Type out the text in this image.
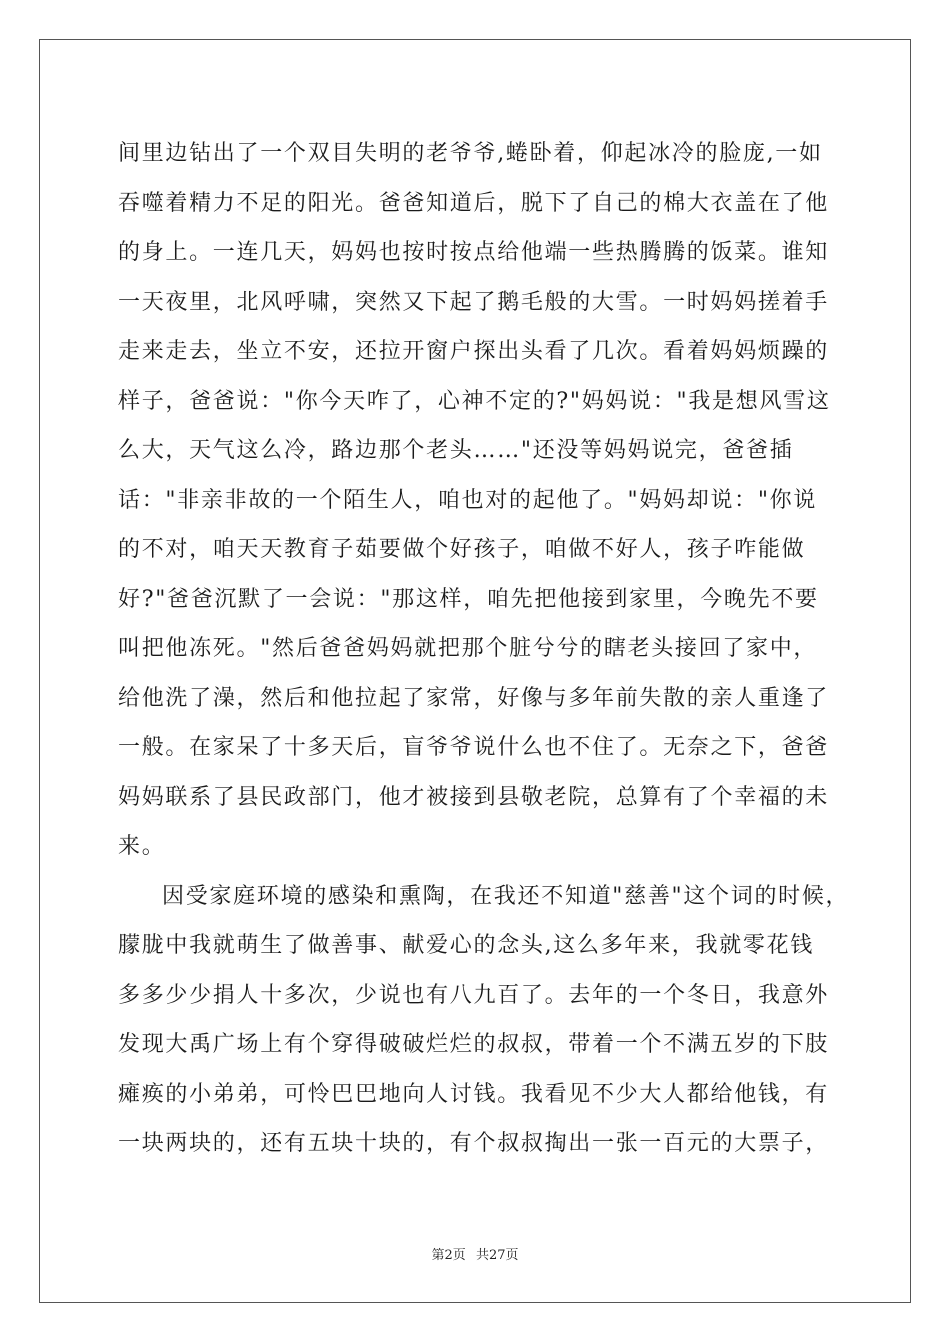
间里边钻出了一个双目失明的老爷爷,蜷卧着，仰起冰冷的脸庞,一如
吞噬着精力不足的阳光。爸爸知道后，脱下了自己的棉大衣盖在了他
的身上。一连几天，妈妈也按时按点给他端一些热腾腾的饭菜。谁知
一天夜里，北风呼啸，突然又下起了鹅毛般的大雪。一时妈妈搓着手
走来走去，坐立不安，还拉开窗户探出头看了几次。看着妈妈烦躁的
样子，爸爸说："你今天咋了，心神不定的?"妈妈说："我是想风雪这
么大，天气这么冷，路边那个老头……"还没等妈妈说完，爸爸插
话："非亲非故的一个陌生人，咱也对的起他了。"妈妈却说："你说
的不对，咱天天教育子茹要做个好孩子，咱做不好人，孩子咋能做
好?"爸爸沉默了一会说："那这样，咱先把他接到家里，今晚先不要
叫把他冻死。"然后爸爸妈妈就把那个脏兮兮的瞎老头接回了家中，
给他洗了澡，然后和他拉起了家常，好像与多年前失散的亲人重逢了
一般。在家呆了十多天后，盲爷爷说什么也不住了。无奈之下，爸爸
妈妈联系了县民政部门，他才被接到县敬老院，总算有了个幸福的未
来。
因受家庭环境的感染和熏陶，在我还不知道"慈善"这个词的时候，
朦胧中我就萌生了做善事、献爱心的念头,这么多年来，我就零花钱
多多少少捐人十多次，少说也有八九百了。去年的一个冬日，我意外
发现大禹广场上有个穿得破破烂烂的叔叔，带着一个不满五岁的下肢
瘫痪的小弟弟，可怜巴巴地向人讨钱。我看见不少大人都给他钱，有
一块两块的，还有五块十块的，有个叔叔掏出一张一百元的大票子，
第2页 共27页
